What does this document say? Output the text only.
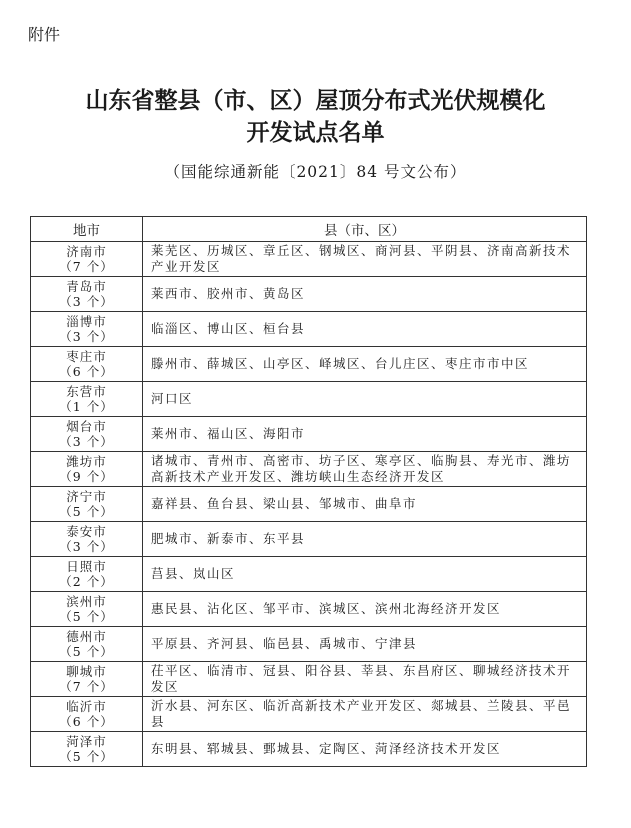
附件
山东省整县（市、区）屋顶分布式光伏规模化
开发试点名单
（国能综通新能〔2021〕84 号文公布）
地市	县（市、区）

济南市
（7 个）	莱芜区、历城区、章丘区、钢城区、商河县、平阴县、济南高新技术产业开发区

青岛市
（3 个）	莱西市、胶州市、黄岛区

淄博市
（3 个）	临淄区、博山区、桓台县

枣庄市
（6 个）	滕州市、薛城区、山亭区、峄城区、台儿庄区、枣庄市市中区

东营市
（1 个）	河口区

烟台市
（3 个）	莱州市、福山区、海阳市

潍坊市
（9 个）	诸城市、青州市、高密市、坊子区、寒亭区、临朐县、寿光市、潍坊高新技术产业开发区、潍坊峡山生态经济开发区

济宁市
（5 个）	嘉祥县、鱼台县、梁山县、邹城市、曲阜市

泰安市
（3 个）	肥城市、新泰市、东平县

日照市
（2 个）	莒县、岚山区

滨州市
（5 个）	惠民县、沾化区、邹平市、滨城区、滨州北海经济开发区

德州市
（5 个）	平原县、齐河县、临邑县、禹城市、宁津县

聊城市
（7 个）	茌平区、临清市、冠县、阳谷县、莘县、东昌府区、聊城经济技术开发区

临沂市
（6 个）	沂水县、河东区、临沂高新技术产业开发区、郯城县、兰陵县、平邑县

菏泽市
（5 个）	东明县、郓城县、鄄城县、定陶区、菏泽经济技术开发区
